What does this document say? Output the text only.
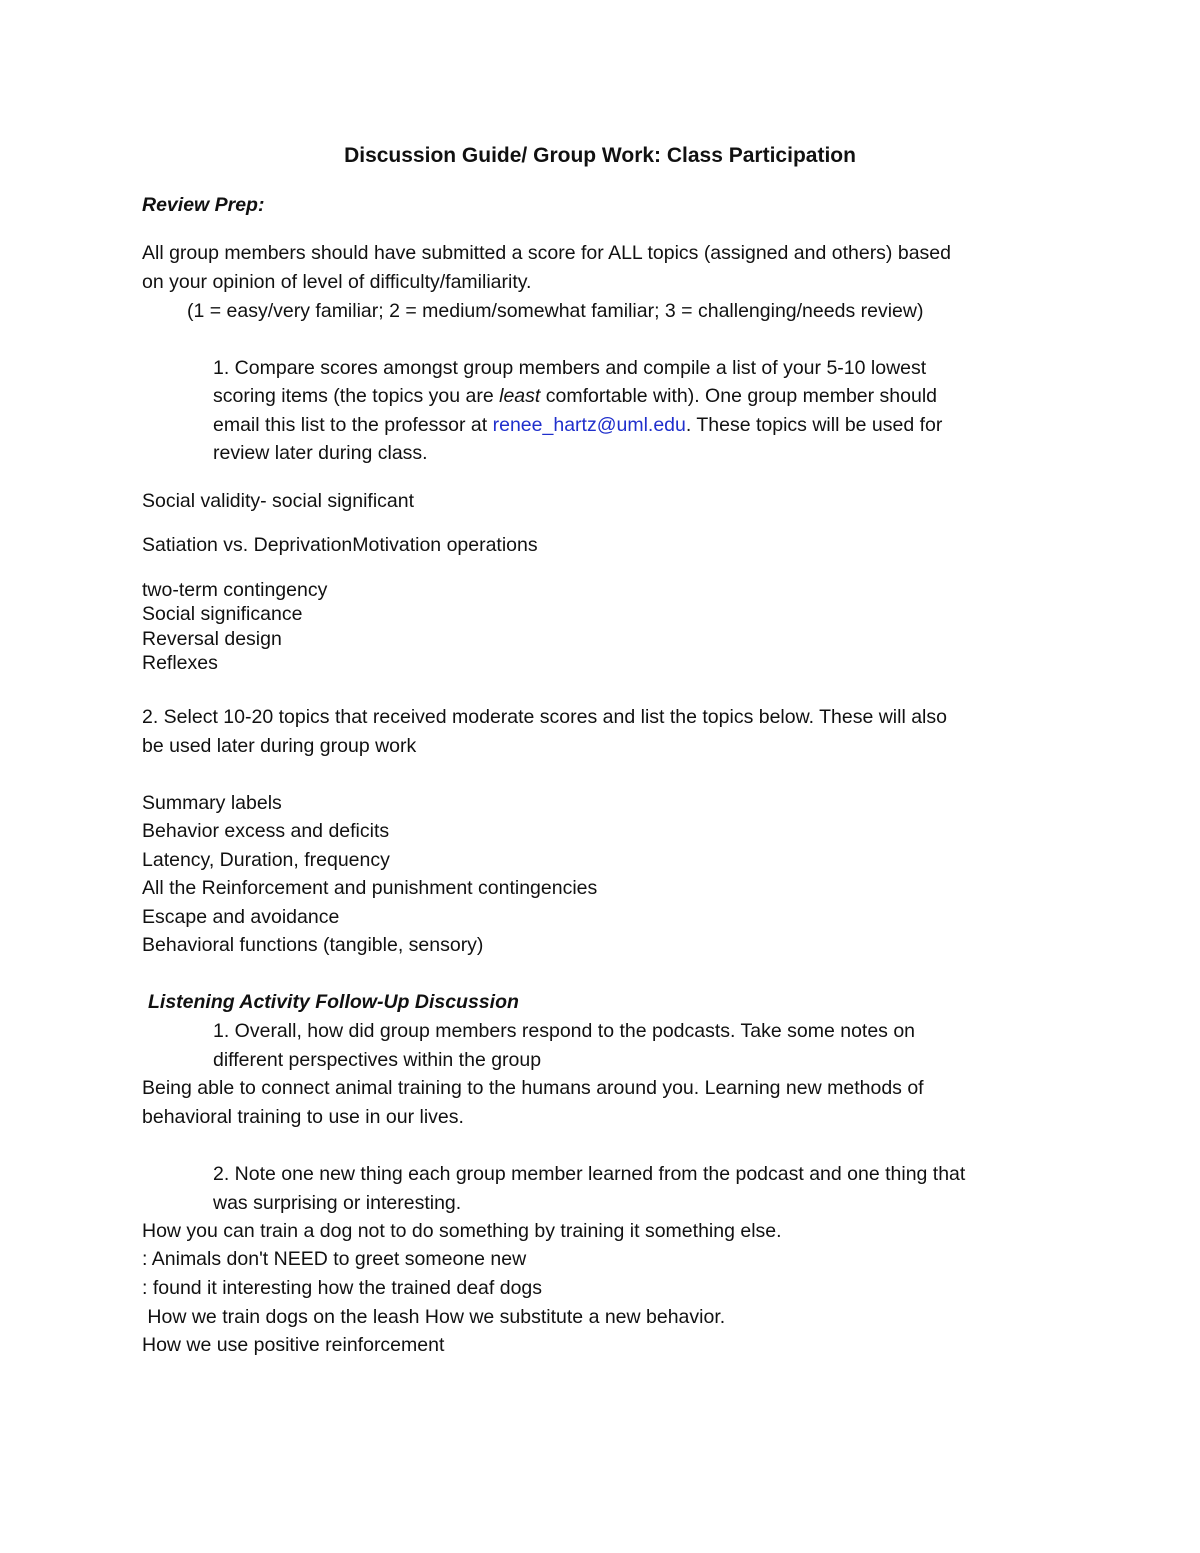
Discussion Guide/ Group Work: Class Participation
Review Prep:
All group members should have submitted a score for ALL topics (assigned and others) based
on your opinion of level of difficulty/familiarity.
(1 = easy/very familiar; 2 = medium/somewhat familiar; 3 = challenging/needs review)
1. Compare scores amongst group members and compile a list of your 5-10 lowest
scoring items (the topics you are least comfortable with). One group member should
email this list to the professor at renee_hartz@uml.edu. These topics will be used for
review later during class.
Social validity- social significant
Satiation vs. DeprivationMotivation operations
two-term contingency
Social significance
Reversal design
Reflexes
2. Select 10-20 topics that received moderate scores and list the topics below. These will also
be used later during group work
Summary labels
Behavior excess and deficits
Latency, Duration, frequency
All the Reinforcement and punishment contingencies
Escape and avoidance
Behavioral functions (tangible, sensory)
Listening Activity Follow-Up Discussion
1. Overall, how did group members respond to the podcasts. Take some notes on
different perspectives within the group
Being able to connect animal training to the humans around you. Learning new methods of
behavioral training to use in our lives.
2. Note one new thing each group member learned from the podcast and one thing that
was surprising or interesting.
How you can train a dog not to do something by training it something else.
: Animals don't NEED to greet someone new
: found it interesting how the trained deaf dogs
How we train dogs on the leash How we substitute a new behavior.
How we use positive reinforcement
